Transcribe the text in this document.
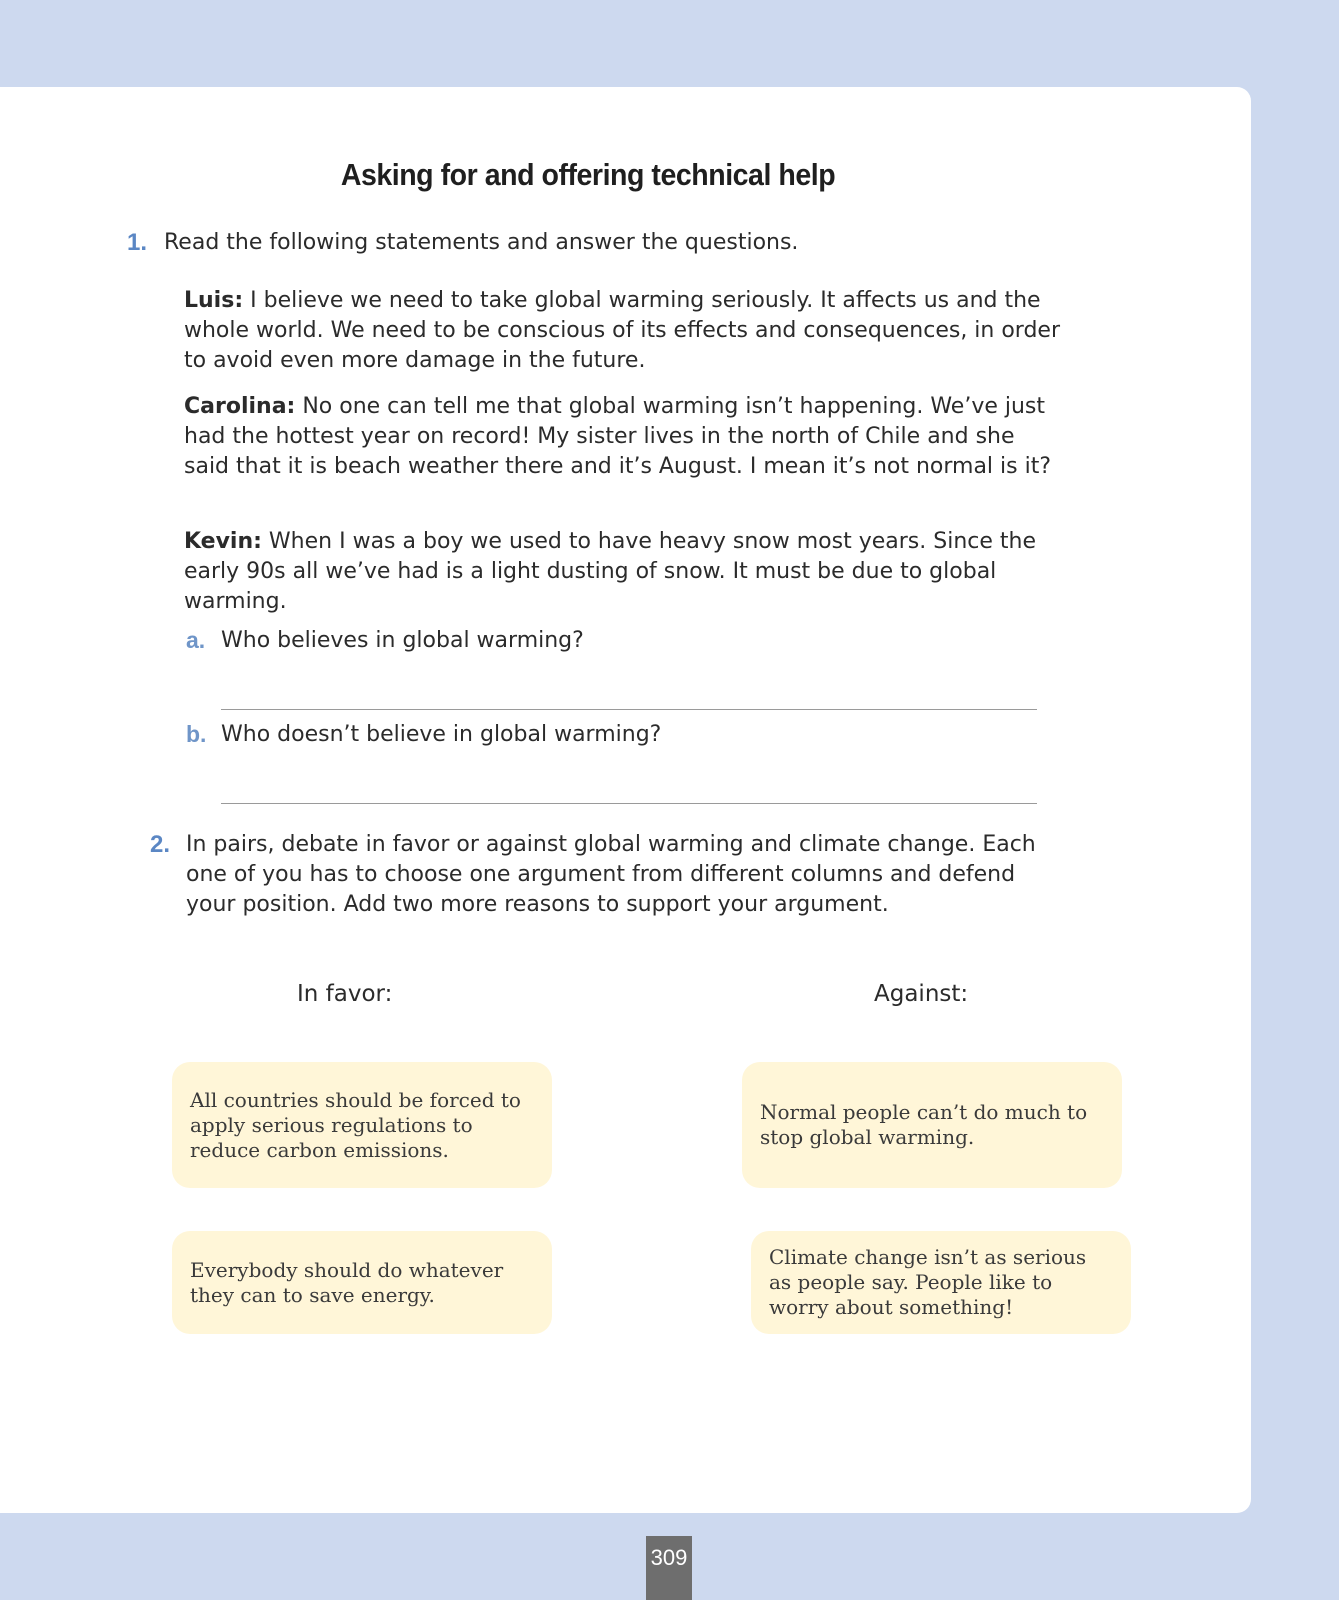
Asking for and offering technical help
1. Read the following statements and answer the questions.
Luis: I believe we need to take global warming seriously. It affects us and the whole world. We need to be conscious of its effects and consequences, in order to avoid even more damage in the future.
Carolina: No one can tell me that global warming isn’t happening. We’ve just had the hottest year on record! My sister lives in the north of Chile and she said that it is beach weather there and it’s August. I mean it’s not normal is it?
Kevin: When I was a boy we used to have heavy snow most years. Since the early 90s all we’ve had is a light dusting of snow. It must be due to global warming.
a. Who believes in global warming?
b. Who doesn’t believe in global warming?
2. In pairs, debate in favor or against global warming and climate change. Each one of you has to choose one argument from different columns and defend your position. Add two more reasons to support your argument.
In favor:	Against:
All countries should be forced to apply serious regulations to reduce carbon emissions.
Normal people can’t do much to stop global warming.
Everybody should do whatever they can to save energy.
Climate change isn’t as serious as people say. People like to worry about something!
309
